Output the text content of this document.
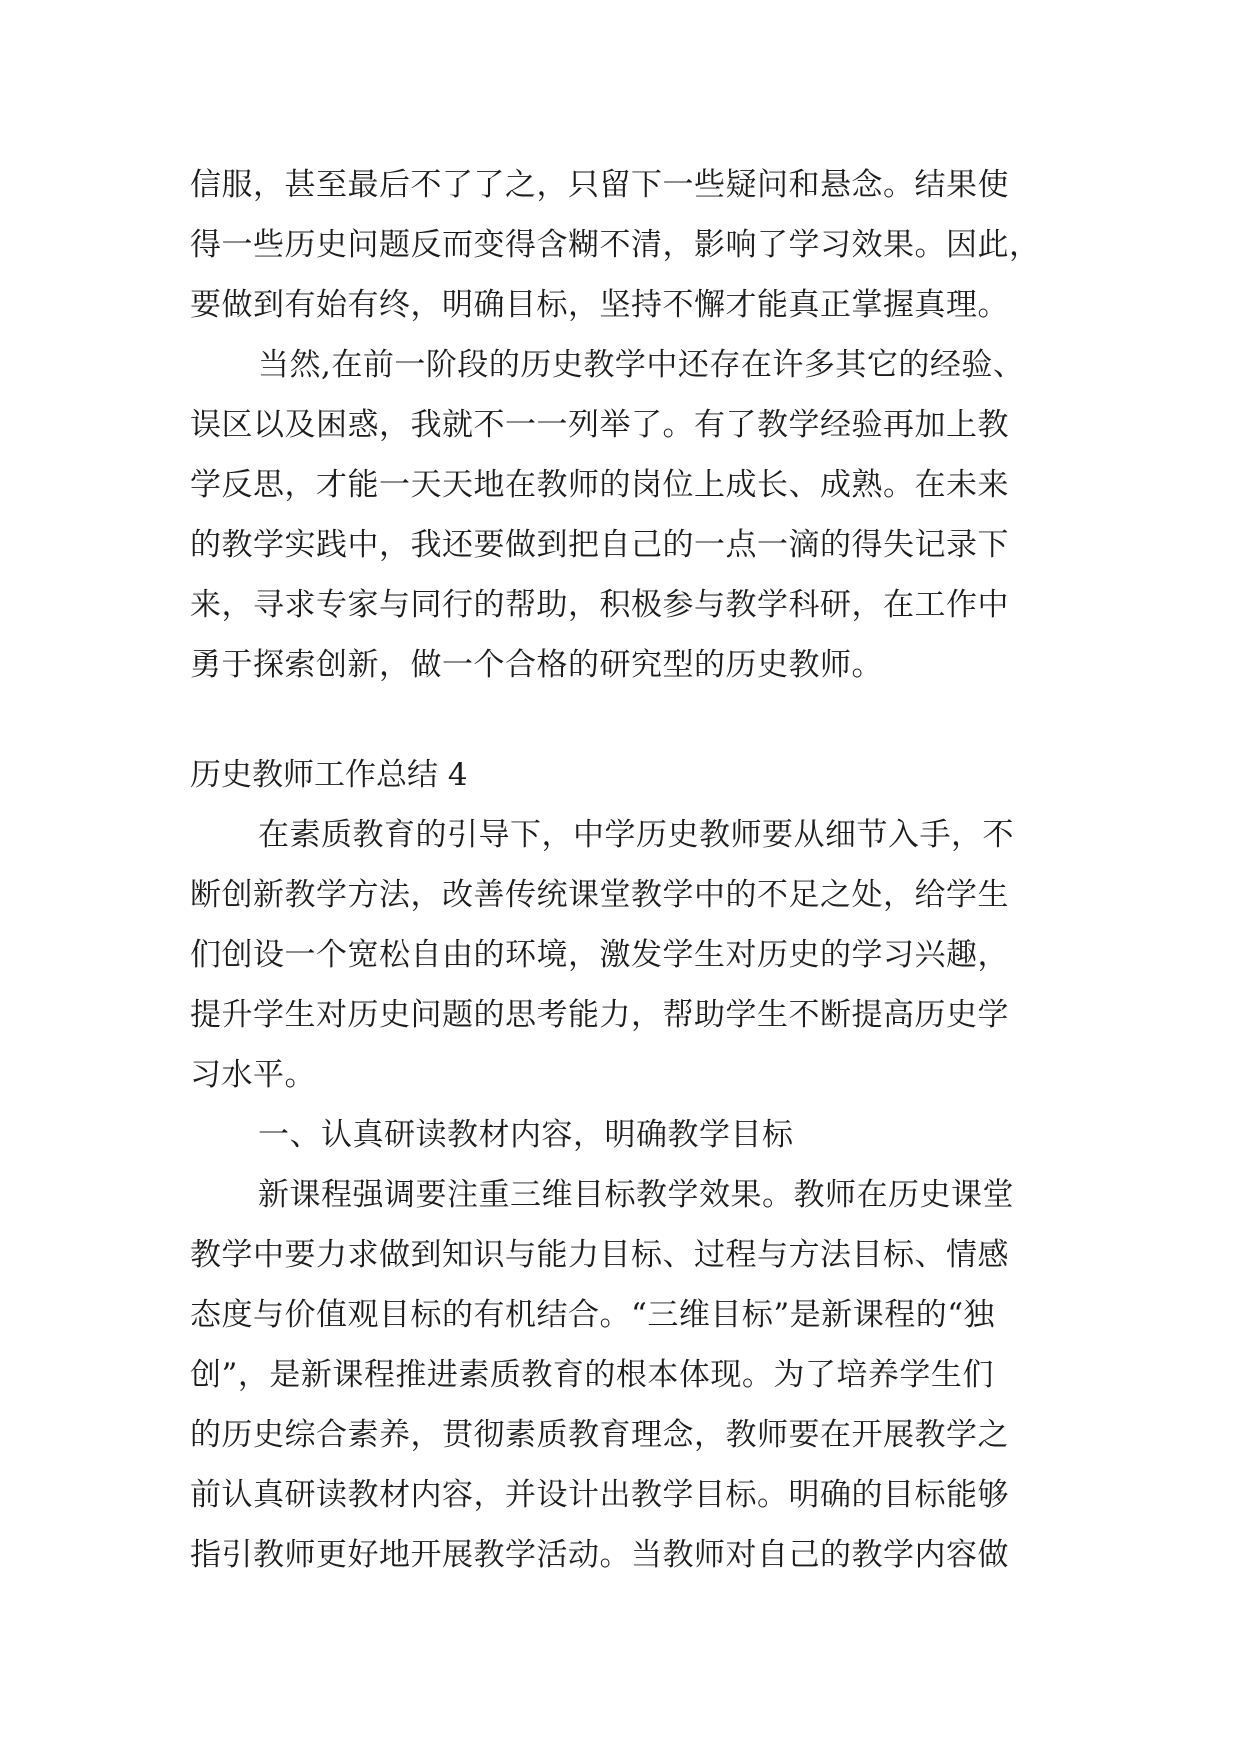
信服，甚至最后不了了之，只留下一些疑问和悬念。结果使
得一些历史问题反而变得含糊不清，影响了学习效果。因此，
要做到有始有终，明确目标，坚持不懈才能真正掌握真理。
当然,在前一阶段的历史教学中还存在许多其它的经验、
误区以及困惑，我就不一一列举了。有了教学经验再加上教
学反思，才能一天天地在教师的岗位上成长、成熟。在未来
的教学实践中，我还要做到把自己的一点一滴的得失记录下
来，寻求专家与同行的帮助，积极参与教学科研，在工作中
勇于探索创新，做一个合格的研究型的历史教师。
历史教师工作总结 4
在素质教育的引导下，中学历史教师要从细节入手，不
断创新教学方法，改善传统课堂教学中的不足之处，给学生
们创设一个宽松自由的环境，激发学生对历史的学习兴趣，
提升学生对历史问题的思考能力，帮助学生不断提高历史学
习水平。
一、认真研读教材内容，明确教学目标
新课程强调要注重三维目标教学效果。教师在历史课堂
教学中要力求做到知识与能力目标、过程与方法目标、情感
态度与价值观目标的有机结合。“三维目标”是新课程的“独
创”，是新课程推进素质教育的根本体现。为了培养学生们
的历史综合素养，贯彻素质教育理念，教师要在开展教学之
前认真研读教材内容，并设计出教学目标。明确的目标能够
指引教师更好地开展教学活动。当教师对自己的教学内容做
